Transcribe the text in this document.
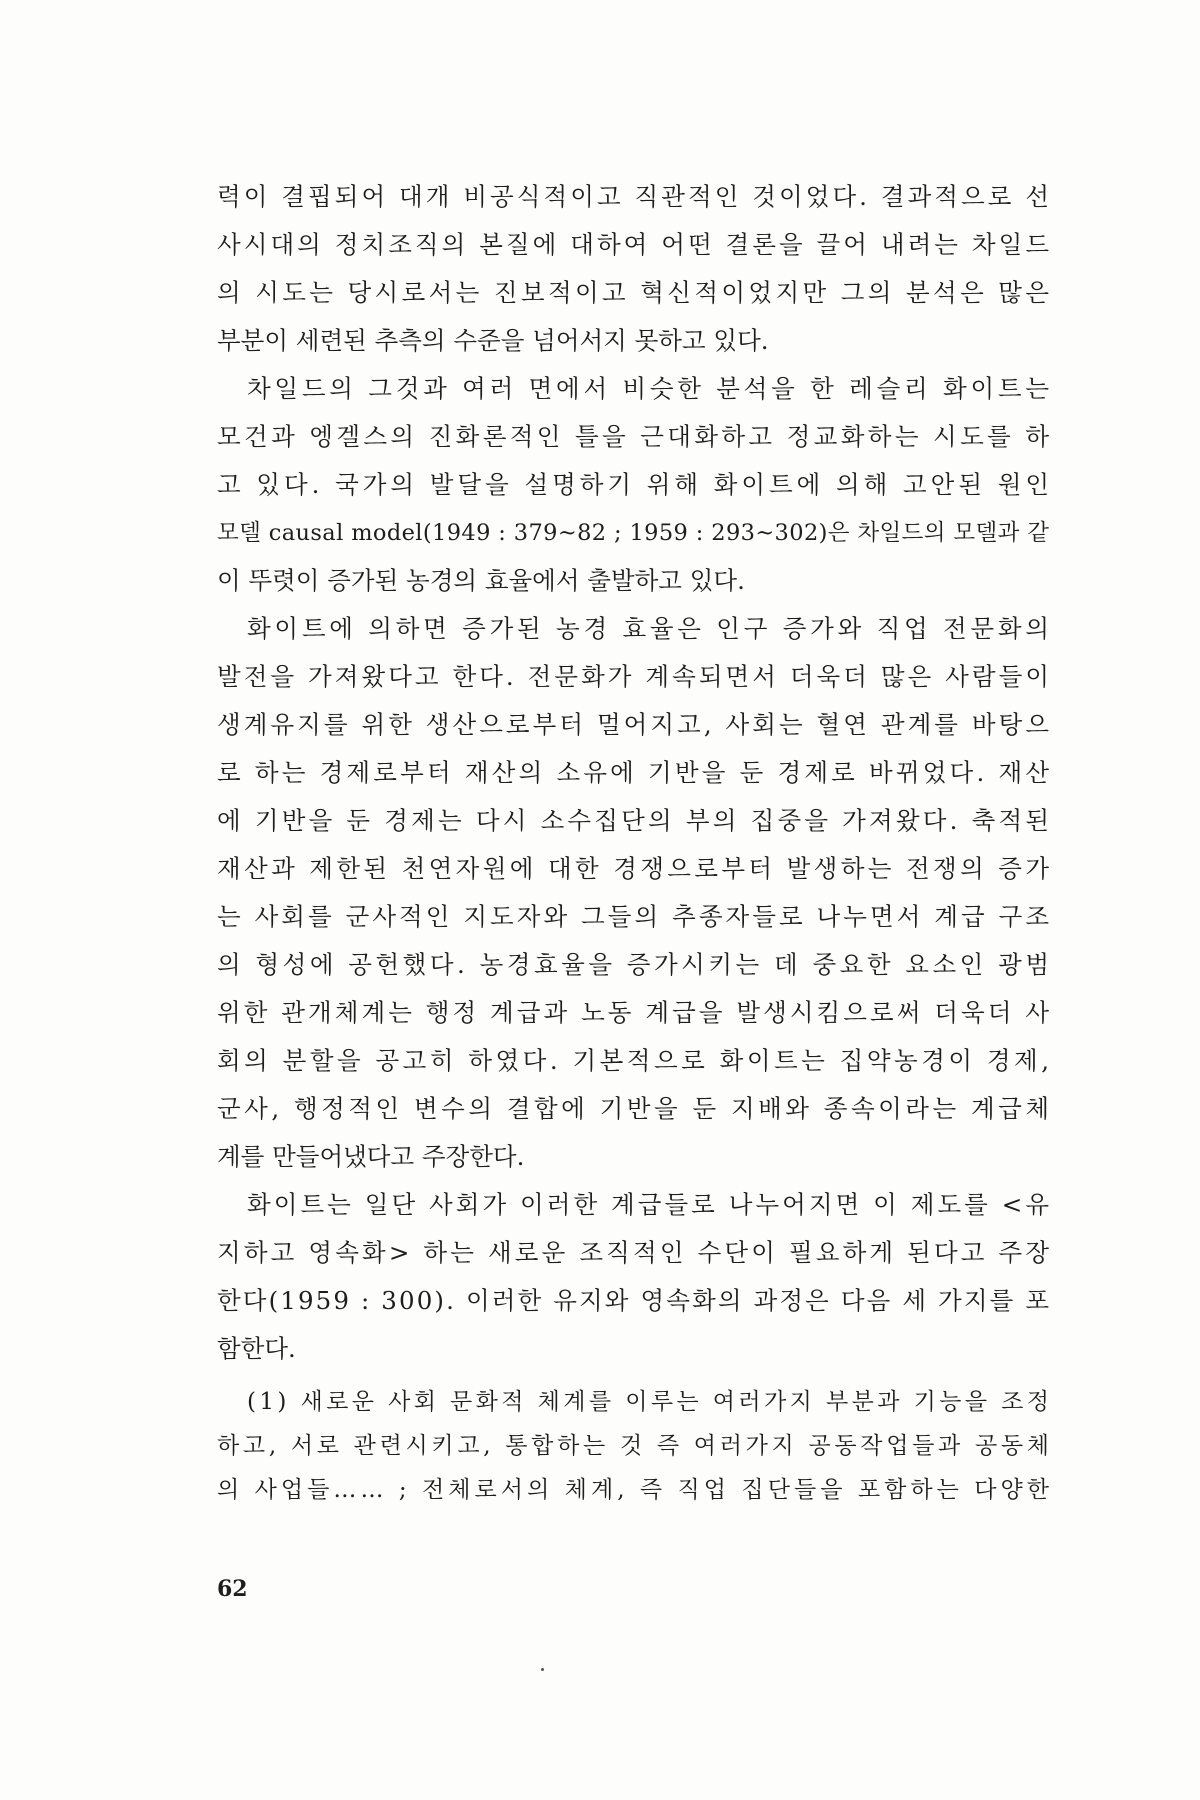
력이 결핍되어 대개 비공식적이고 직관적인 것이었다. 결과적으로 선
사시대의 정치조직의 본질에 대하여 어떤 결론을 끌어 내려는 차일드
의 시도는 당시로서는 진보적이고 혁신적이었지만 그의 분석은 많은
부분이 세련된 추측의 수준을 넘어서지 못하고 있다.
차일드의 그것과 여러 면에서 비슷한 분석을 한 레슬리 화이트는
모건과 엥겔스의 진화론적인 틀을 근대화하고 정교화하는 시도를 하
고 있다. 국가의 발달을 설명하기 위해 화이트에 의해 고안된 원인
모델 causal model(1949 : 379~82 ; 1959 : 293~302)은 차일드의 모델과 같
이 뚜렷이 증가된 농경의 효율에서 출발하고 있다.
화이트에 의하면 증가된 농경 효율은 인구 증가와 직업 전문화의
발전을 가져왔다고 한다. 전문화가 계속되면서 더욱더 많은 사람들이
생계유지를 위한 생산으로부터 멀어지고, 사회는 혈연 관계를 바탕으
로 하는 경제로부터 재산의 소유에 기반을 둔 경제로 바뀌었다. 재산
에 기반을 둔 경제는 다시 소수집단의 부의 집중을 가져왔다. 축적된
재산과 제한된 천연자원에 대한 경쟁으로부터 발생하는 전쟁의 증가
는 사회를 군사적인 지도자와 그들의 추종자들로 나누면서 계급 구조
의 형성에 공헌했다. 농경효율을 증가시키는 데 중요한 요소인 광범
위한 관개체계는 행정 계급과 노동 계급을 발생시킴으로써 더욱더 사
회의 분할을 공고히 하였다. 기본적으로 화이트는 집약농경이 경제,
군사, 행정적인 변수의 결합에 기반을 둔 지배와 종속이라는 계급체
계를 만들어냈다고 주장한다.
화이트는 일단 사회가 이러한 계급들로 나누어지면 이 제도를 <유
지하고 영속화> 하는 새로운 조직적인 수단이 필요하게 된다고 주장
한다(1959 : 300). 이러한 유지와 영속화의 과정은 다음 세 가지를 포
함한다.
(1) 새로운 사회 문화적 체계를 이루는 여러가지 부분과 기능을 조정
하고, 서로 관련시키고, 통합하는 것 즉 여러가지 공동작업들과 공동체
의 사업들…… ; 전체로서의 체계, 즉 직업 집단들을 포함하는 다양한
62
